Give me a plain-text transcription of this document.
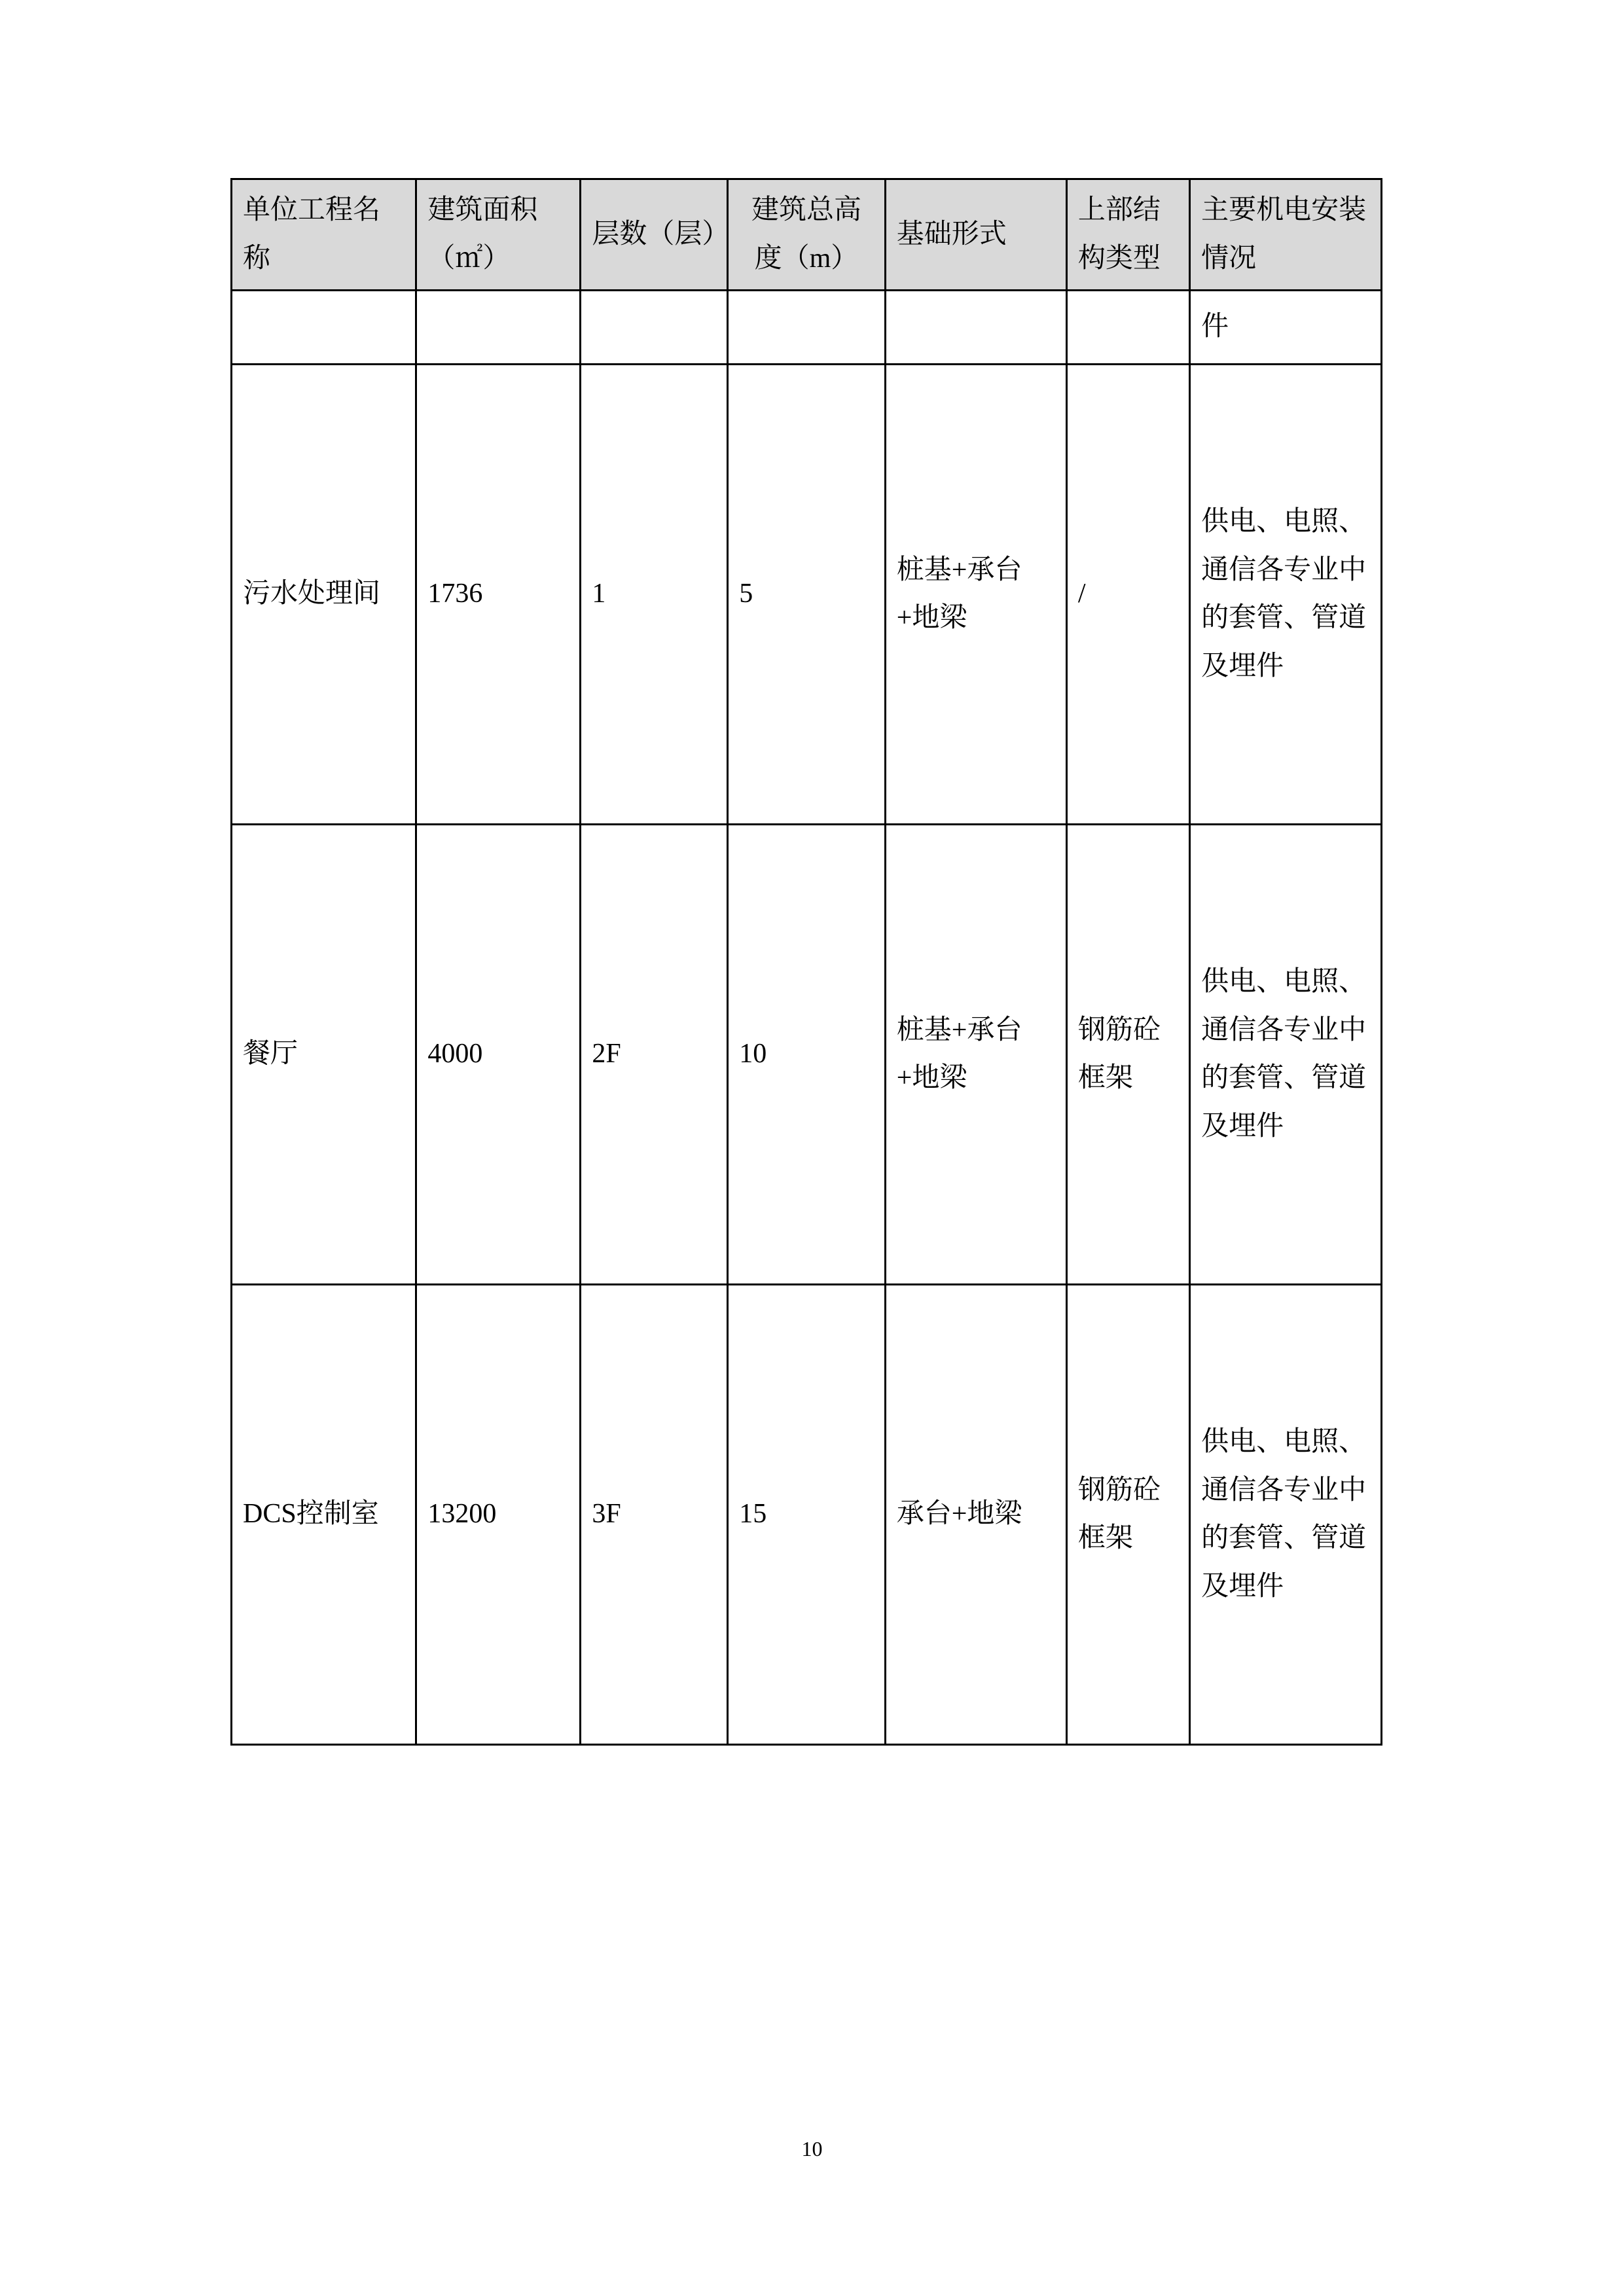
单位工程名称	建筑面积（㎡）	层数（层）	建筑总高度（m）	基础形式	上部结构类型	主要机电安装情况
						件
污水处理间	1736	1	5	桩基+承台+地梁	/	供电、电照、通信各专业中的套管、管道及埋件
餐厅	4000	2F	10	桩基+承台+地梁	钢筋砼框架	供电、电照、通信各专业中的套管、管道及埋件
DCS控制室	13200	3F	15	承台+地梁	钢筋砼框架	供电、电照、通信各专业中的套管、管道及埋件
10
